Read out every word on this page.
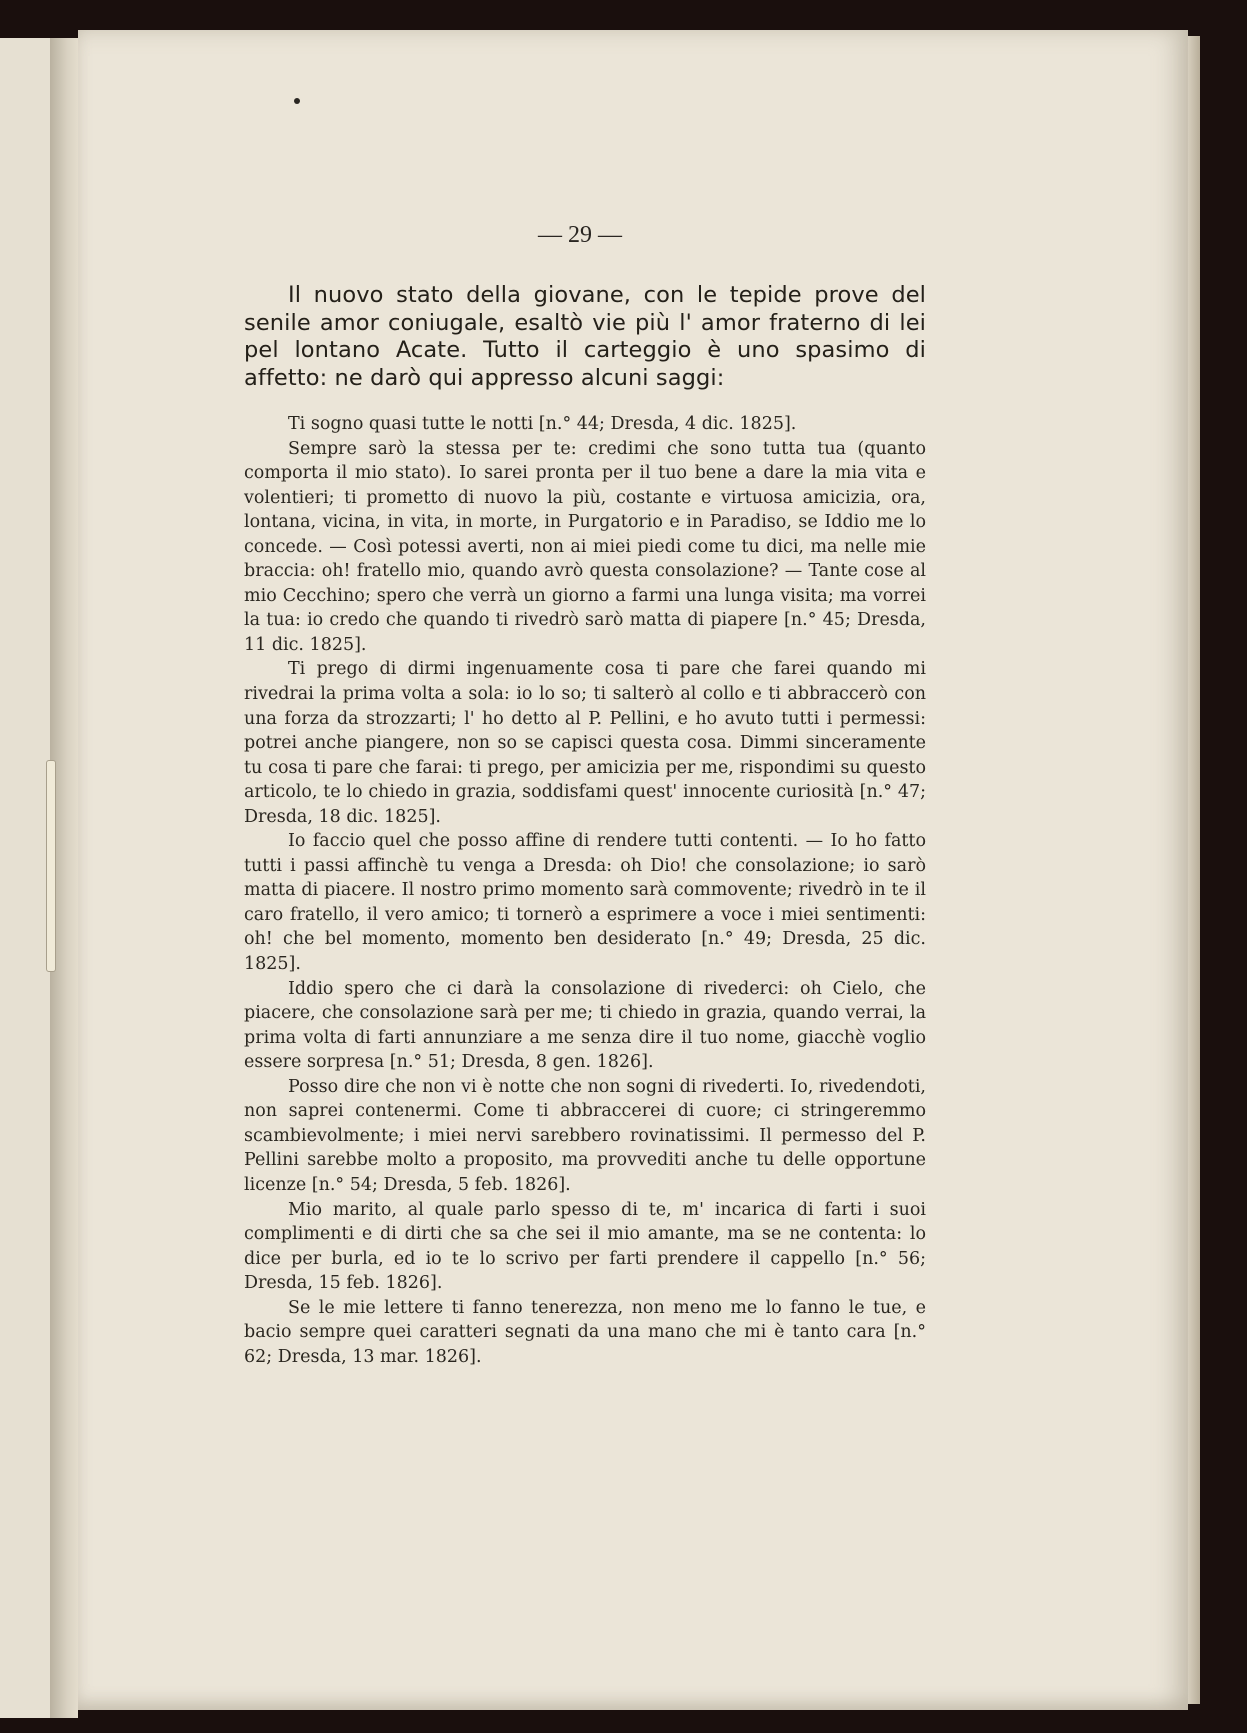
— 29 —

Il nuovo stato della giovane, con le tepide prove del senile amor coniugale, esaltò vie più l' amor fraterno di lei pel lontano Acate. Tutto il carteggio è uno spasimo di affetto: ne darò qui appresso alcuni saggi:

Ti sogno quasi tutte le notti [n.° 44; Dresda, 4 dic. 1825].

Sempre sarò la stessa per te: credimi che sono tutta tua (quanto comporta il mio stato). Io sarei pronta per il tuo bene a dare la mia vita e volentieri; ti prometto di nuovo la più, costante e virtuosa amicizia, ora, lontana, vicina, in vita, in morte, in Purgatorio e in Paradiso, se Iddio me lo concede. — Così potessi averti, non ai miei piedi come tu dici, ma nelle mie braccia: oh! fratello mio, quando avrò questa consolazione? — Tante cose al mio Cecchino; spero che verrà un giorno a farmi una lunga visita; ma vorrei la tua: io credo che quando ti rivedrò sarò matta di piapere [n.° 45; Dresda, 11 dic. 1825].

Ti prego di dirmi ingenuamente cosa ti pare che farei quando mi rivedrai la prima volta a sola: io lo so; ti salterò al collo e ti abbraccerò con una forza da strozzarti; l' ho detto al P. Pellini, e ho avuto tutti i permessi: potrei anche piangere, non so se capisci questa cosa. Dimmi sinceramente tu cosa ti pare che farai: ti prego, per amicizia per me, rispondimi su questo articolo, te lo chiedo in grazia, soddisfami quest' innocente curiosità [n.° 47; Dresda, 18 dic. 1825].

Io faccio quel che posso affine di rendere tutti contenti. — Io ho fatto tutti i passi affinchè tu venga a Dresda: oh Dio! che consolazione; io sarò matta di piacere. Il nostro primo momento sarà commovente; rivedrò in te il caro fratello, il vero amico; ti tornerò a esprimere a voce i miei sentimenti: oh! che bel momento, momento ben desiderato [n.° 49; Dresda, 25 dic. 1825].

Iddio spero che ci darà la consolazione di rivederci: oh Cielo, che piacere, che consolazione sarà per me; ti chiedo in grazia, quando verrai, la prima volta di farti annunziare a me senza dire il tuo nome, giacchè voglio essere sorpresa [n.° 51; Dresda, 8 gen. 1826].

Posso dire che non vi è notte che non sogni di rivederti. Io, rivedendoti, non saprei contenermi. Come ti abbraccerei di cuore; ci stringeremmo scambievolmente; i miei nervi sarebbero rovinatissimi. Il permesso del P. Pellini sarebbe molto a proposito, ma provvediti anche tu delle opportune licenze [n.° 54; Dresda, 5 feb. 1826].

Mio marito, al quale parlo spesso di te, m' incarica di farti i suoi complimenti e di dirti che sa che sei il mio amante, ma se ne contenta: lo dice per burla, ed io te lo scrivo per farti prendere il cappello [n.° 56; Dresda, 15 feb. 1826].

Se le mie lettere ti fanno tenerezza, non meno me lo fanno le tue, e bacio sempre quei caratteri segnati da una mano che mi è tanto cara [n.° 62; Dresda, 13 mar. 1826].
